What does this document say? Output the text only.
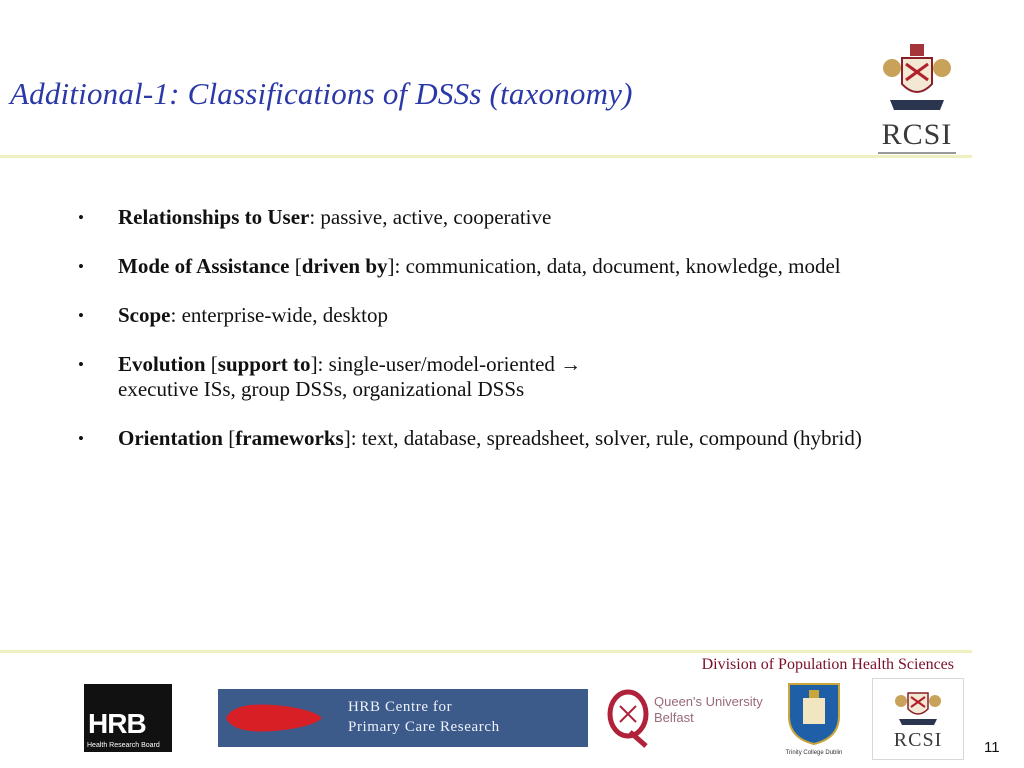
Additional-1: Classifications of DSSs (taxonomy)
RCSI
• Relationships to User: passive, active, cooperative
• Mode of Assistance [driven by]: communication, data, document, knowledge, model
• Scope: enterprise-wide, desktop
• Evolution [support to]: single-user/model-oriented →
executive ISs, group DSSs, organizational DSSs
• Orientation [frameworks]: text, database, spreadsheet, solver, rule, compound (hybrid)
Division of Population Health Sciences
HRB
Health Research Board
HRB Centre for
Primary Care Research
Queen's University
Belfast
Trinity College Dublin
RCSI	11
